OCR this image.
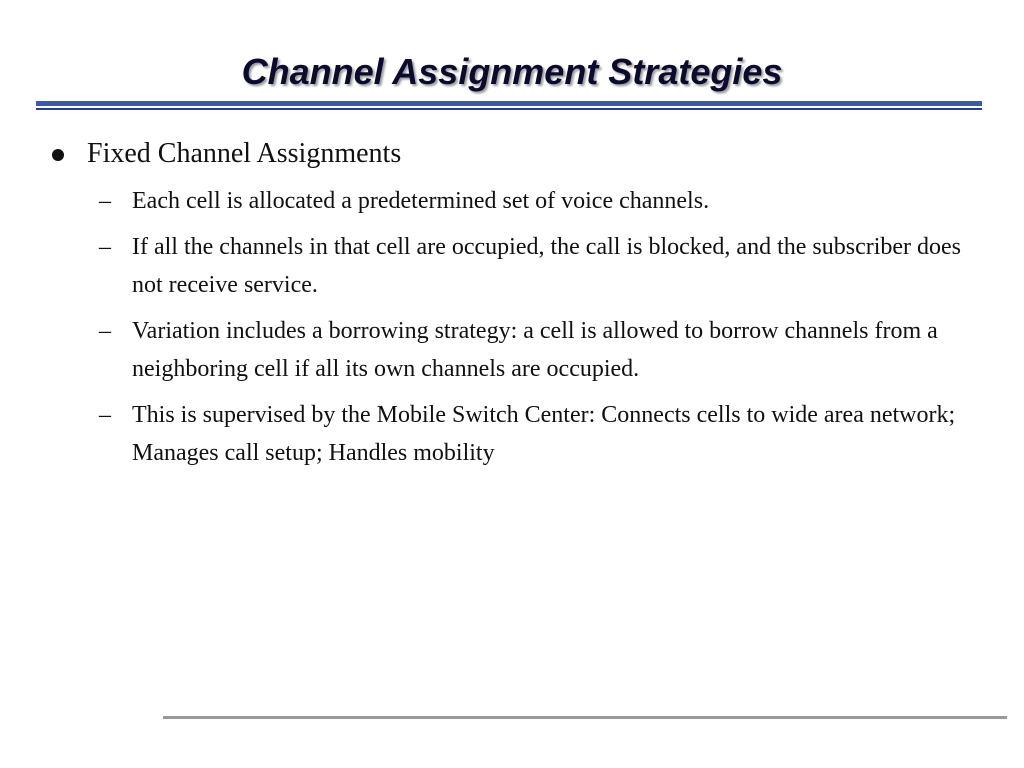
Channel Assignment Strategies
Fixed Channel Assignments
– Each cell is allocated a predetermined set of voice channels.
– If all the channels in that cell are occupied, the call is blocked, and the subscriber does not receive service.
– Variation includes a borrowing strategy: a cell is allowed to borrow channels from a neighboring cell if all its own channels are occupied.
– This is supervised by the Mobile Switch Center: Connects cells to wide area network; Manages call setup; Handles mobility
